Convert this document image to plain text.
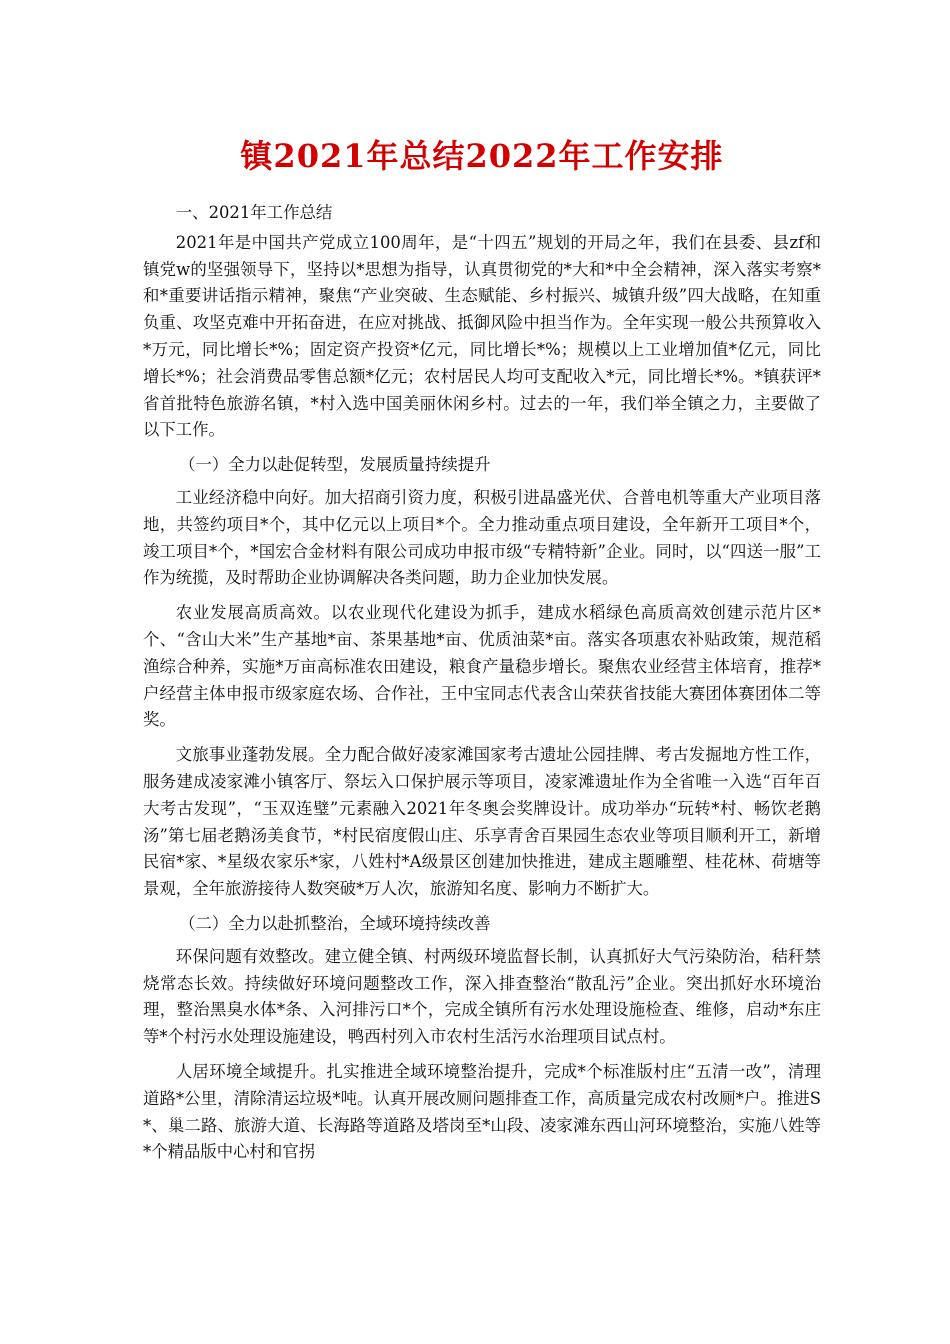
镇2021年总结2022年工作安排

一、2021年工作总结

2021年是中国共产党成立100周年，是“十四五”规划的开局之年，我们在县委、县zf和镇党w的坚强领导下，坚持以*思想为指导，认真贯彻党的*大和*中全会精神，深入落实考察*和*重要讲话指示精神，聚焦“产业突破、生态赋能、乡村振兴、城镇升级”四大战略，在知重负重、攻坚克难中开拓奋进，在应对挑战、抵御风险中担当作为。全年实现一般公共预算收入*万元，同比增长*%；固定资产投资*亿元，同比增长*%；规模以上工业增加值*亿元，同比增长*%；社会消费品零售总额*亿元；农村居民人均可支配收入*元，同比增长*%。*镇获评*省首批特色旅游名镇，*村入选中国美丽休闲乡村。过去的一年，我们举全镇之力，主要做了以下工作。

（一）全力以赴促转型，发展质量持续提升

工业经济稳中向好。加大招商引资力度，积极引进晶盛光伏、合普电机等重大产业项目落地，共签约项目*个，其中亿元以上项目*个。全力推动重点项目建设，全年新开工项目*个，竣工项目*个，*国宏合金材料有限公司成功申报市级“专精特新”企业。同时，以“四送一服”工作为统揽，及时帮助企业协调解决各类问题，助力企业加快发展。

农业发展高质高效。以农业现代化建设为抓手，建成水稻绿色高质高效创建示范片区*个、“含山大米”生产基地*亩、茶果基地*亩、优质油菜*亩。落实各项惠农补贴政策，规范稻渔综合种养，实施*万亩高标准农田建设，粮食产量稳步增长。聚焦农业经营主体培育，推荐*户经营主体申报市级家庭农场、合作社，王中宝同志代表含山荣获省技能大赛团体赛团体二等奖。

文旅事业蓬勃发展。全力配合做好凌家滩国家考古遗址公园挂牌、考古发掘地方性工作，服务建成凌家滩小镇客厅、祭坛入口保护展示等项目，凌家滩遗址作为全省唯一入选“百年百大考古发现”，“玉双连璧”元素融入2021年冬奥会奖牌设计。成功举办“玩转*村、畅饮老鹅汤”第七届老鹅汤美食节，*村民宿度假山庄、乐享青舍百果园生态农业等项目顺利开工，新增民宿*家、*星级农家乐*家，八姓村*A级景区创建加快推进，建成主题雕塑、桂花林、荷塘等景观，全年旅游接待人数突破*万人次，旅游知名度、影响力不断扩大。

（二）全力以赴抓整治，全域环境持续改善

环保问题有效整改。建立健全镇、村两级环境监督长制，认真抓好大气污染防治，秸秆禁烧常态长效。持续做好环境问题整改工作，深入排查整治“散乱污”企业。突出抓好水环境治理，整治黑臭水体*条、入河排污口*个，完成全镇所有污水处理设施检查、维修，启动*东庄等*个村污水处理设施建设，鸭西村列入市农村生活污水治理项目试点村。

人居环境全域提升。扎实推进全域环境整治提升，完成*个标准版村庄“五清一改”，清理道路*公里，清除清运垃圾*吨。认真开展改厕问题排查工作，高质量完成农村改厕*户。推进S*、巢二路、旅游大道、长海路等道路及塔岗至*山段、凌家滩东西山河环境整治，实施八姓等*个精品版中心村和官拐
